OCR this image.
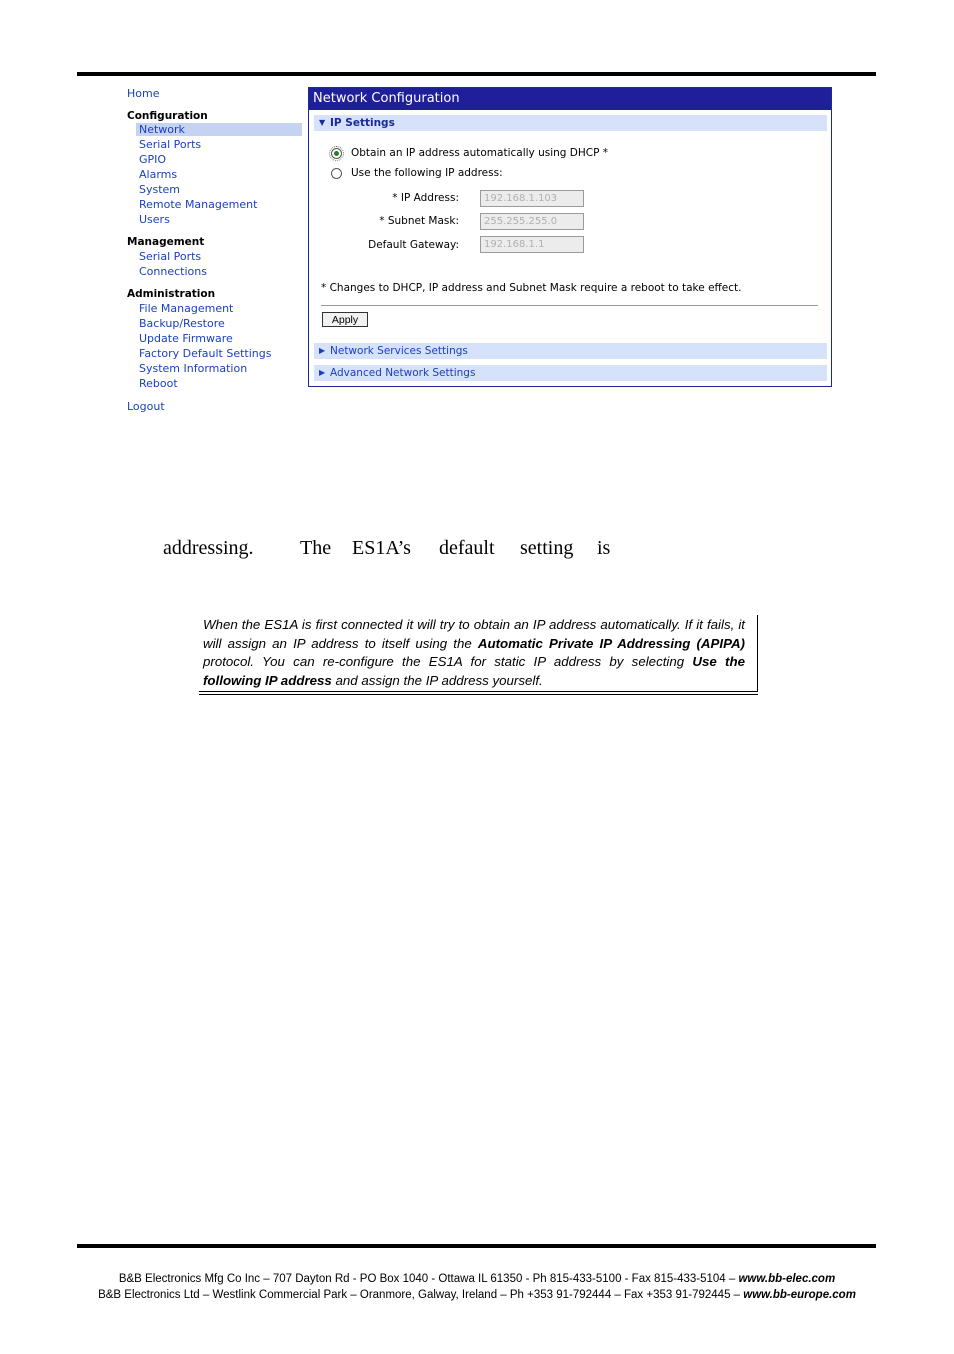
Home
Configuration
Network
Serial Ports
GPIO
Alarms
System
Remote Management
Users
Management
Serial Ports
Connections
Administration
File Management
Backup/Restore
Update Firmware
Factory Default Settings
System Information
Reboot
Logout
Network Configuration
▼ IP Settings
Obtain an IP address automatically using DHCP *
Use the following IP address:
* IP Address:	192.168.1.103
* Subnet Mask:	255.255.255.0
Default Gateway:	192.168.1.1
* Changes to DHCP, IP address and Subnet Mask require a reboot to take effect.
Apply
▶ Network Services Settings
▶ Advanced Network Settings
addressing. The ES1A’s default setting is

When the ES1A is first connected it will try to obtain an IP address automatically. If it fails, it will assign an IP address to itself using the Automatic Private IP Addressing (APIPA) protocol. You can re-configure the ES1A for static IP address by selecting Use the following IP address and assign the IP address yourself.

B&B Electronics Mfg Co Inc – 707 Dayton Rd - PO Box 1040 - Ottawa IL 61350 - Ph 815-433-5100 - Fax 815-433-5104 – www.bb-elec.com
B&B Electronics Ltd – Westlink Commercial Park – Oranmore, Galway, Ireland – Ph +353 91-792444 – Fax +353 91-792445 – www.bb-europe.com
